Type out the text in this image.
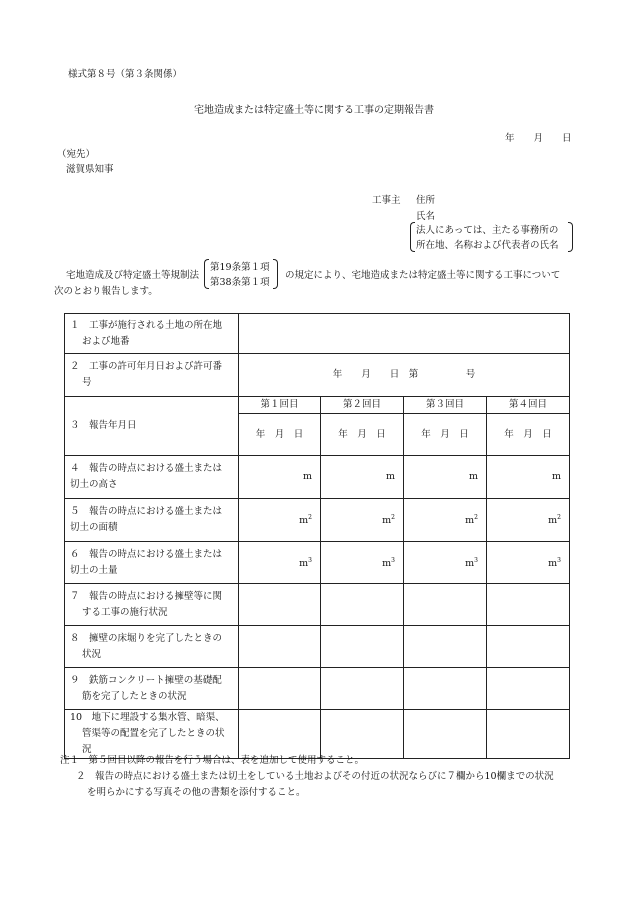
様式第８号（第３条関係）
宅地造成または特定盛土等に関する工事の定期報告書
年　　月　　日
（宛先）
滋賀県知事
工事主 住所
氏名
法人にあっては、主たる事務所の
所在地、名称および代表者の氏名
宅地造成及び特定盛土等規制法
第19条第１項
第38条第１項
の規定により、宅地造成または特定盛土等に関する工事について
次のとおり報告します。
１　工事が施行される土地の所在地
および地番				

２　工事の許可年月日および許可番
号	年　　月　　日　第　　　　　号			
３　報告年月日	第１回目	第２回目	第３回目	第４回目
	年　月　日	年　月　日	年　月　日	年　月　日

４　報告の時点における盛土または
切土の高さ	m	m	m	m

５　報告の時点における盛土または
切土の面積	$m^2$	$m^2$	$m^2$	$m^2$

６　報告の時点における盛土または
切土の土量	$m^3$	$m^3$	$m^3$	$m^3$

７　報告の時点における擁壁等に関
する工事の施行状況				

８　擁壁の床堀りを完了したときの
状況				

９　鉄筋コンクリート擁壁の基礎配
筋を完了したときの状況				

10　地下に埋設する集水管、暗渠、
管渠等の配置を完了したときの状
況				

注１　第５回目以降の報告を行う場合は、表を追加して使用すること。
２　報告の時点における盛土または切土をしている土地およびその付近の状況ならびに７欄から10欄までの状況
を明らかにする写真その他の書類を添付すること。
